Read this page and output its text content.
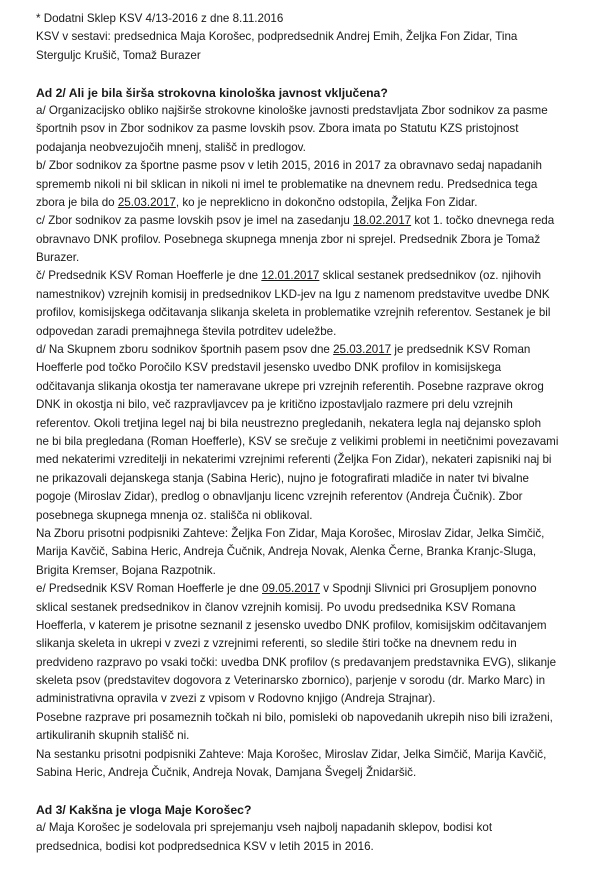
* Dodatni Sklep KSV 4/13-2016 z dne 8.11.2016
KSV v sestavi: predsednica Maja Korošec, podpredsednik Andrej Emih, Željka Fon Zidar, Tina
Stergulјc Krušič, Tomaž Burazer
Ad 2/ Ali je bila širša strokovna kinološka javnost vključena?
a/ Organizacijsko obliko najširše strokovne kinološke javnosti predstavljata Zbor sodnikov za pasme
športnih psov in Zbor sodnikov za pasme lovskih psov. Zbora imata po Statutu KZS pristojnost
podajanja neobvezujočih mnenj, stališč in predlogov.
b/ Zbor sodnikov za športne pasme psov v letih 2015, 2016 in 2017 za obravnavo sedaj napadanih
sprememb nikoli ni bil sklican in nikoli ni imel te problematike na dnevnem redu. Predsednica tega
zbora je bila do 25.03.2017, ko je nepreklicno in dokončno odstopila, Željka Fon Zidar.
c/ Zbor sodnikov za pasme lovskih psov je imel na zasedanju 18.02.2017 kot 1. točko dnevnega reda
obravnavo DNK profilov. Posebnega skupnega mnenja zbor ni sprejel. Predsednik Zbora je Tomaž
Burazer.
č/ Predsednik KSV Roman Hoefferle je dne 12.01.2017 sklical sestanek predsednikov (oz. njihovih
namestnikov) vzrejnih komisij in predsednikov LKD-jev na Igu z namenom predstavitve uvedbe DNK
profilov, komisijskega odčitavanja slikanja skeleta in problematike vzrejnih referentov. Sestanek je bil
odpovedan zaradi premajhnega števila potrditev udeležbe.
d/ Na Skupnem zboru sodnikov športnih pasem psov dne 25.03.2017 je predsednik KSV Roman
Hoefferle pod točko Poročilo KSV predstavil jesensko uvedbo DNK profilov in komisijskega
odčitavanja slikanja okostja ter nameravane ukrepe pri vzrejnih referentih. Posebne razprave okrog
DNK in okostja ni bilo, več razpravljavcev pa je kritično izpostavljalo razmere pri delu vzrejnih
referentov. Okoli tretjina legel naj bi bila neustrezno pregledanih, nekatera legla naj dejansko sploh
ne bi bila pregledana (Roman Hoefferle), KSV se srečuje z velikimi problemi in neetičnimi povezavami
med nekaterimi vzreditelji in nekaterimi vzrejnimi referenti (Željka Fon Zidar), nekateri zapisniki naj bi
ne prikazovali dejanskega stanja (Sabina Heric), nujno je fotografirati mladiče in nater tvi bivalne
pogoje (Miroslav Zidar), predlog o obnavljanju licenc vzrejnih referentov (Andreja Čučnik). Zbor
posebnega skupnega mnenja oz. stališča ni oblikoval.
Na Zboru prisotni podpisniki Zahteve: Željka Fon Zidar, Maja Korošec, Miroslav Zidar, Jelka Simčič,
Marija Kavčič, Sabina Heric, Andreja Čučnik, Andreja Novak, Alenka Černe, Branka Kranjc-Sluga,
Brigita Kremser, Bojana Razpotnik.
e/ Predsednik KSV Roman Hoefferle je dne 09.05.2017 v Spodnji Slivnici pri Grosupljem ponovno
sklical sestanek predsednikov in članov vzrejnih komisij. Po uvodu predsednika KSV Romana
Hoefferla, v katerem je prisotne seznanil z jesensko uvedbo DNK profilov, komisijskim odčitavanjem
slikanja skeleta in ukrepi v zvezi z vzrejnimi referenti, so sledile štiri točke na dnevnem redu in
predvideno razpravo po vsaki točki: uvedba DNK profilov (s predavanjem predstavnika EVG), slikanje
skeleta psov (predstavitev dogovora z Veterinarsko zbornico), parjenje v sorodu (dr. Marko Marc) in
administrativna opravila v zvezi z vpisom v Rodovno knjigo (Andreja Strajnar).
Posebne razprave pri posameznih točkah ni bilo, pomisleki ob napovedanih ukrepih niso bili izraženi,
artikuliranih skupnih stališč ni.
Na sestanku prisotni podpisniki Zahteve: Maja Korošec, Miroslav Zidar, Jelka Simčič, Marija Kavčič,
Sabina Heric, Andreja Čučnik, Andreja Novak, Damjana Švegelj Žnidaršič.
Ad 3/ Kakšna je vloga Maje Korošec?
a/ Maja Korošec je sodelovala pri sprejemanju vseh najbolj napadanih sklepov, bodisi kot
predsednica, bodisi kot podpredsednica KSV v letih 2015 in 2016.
